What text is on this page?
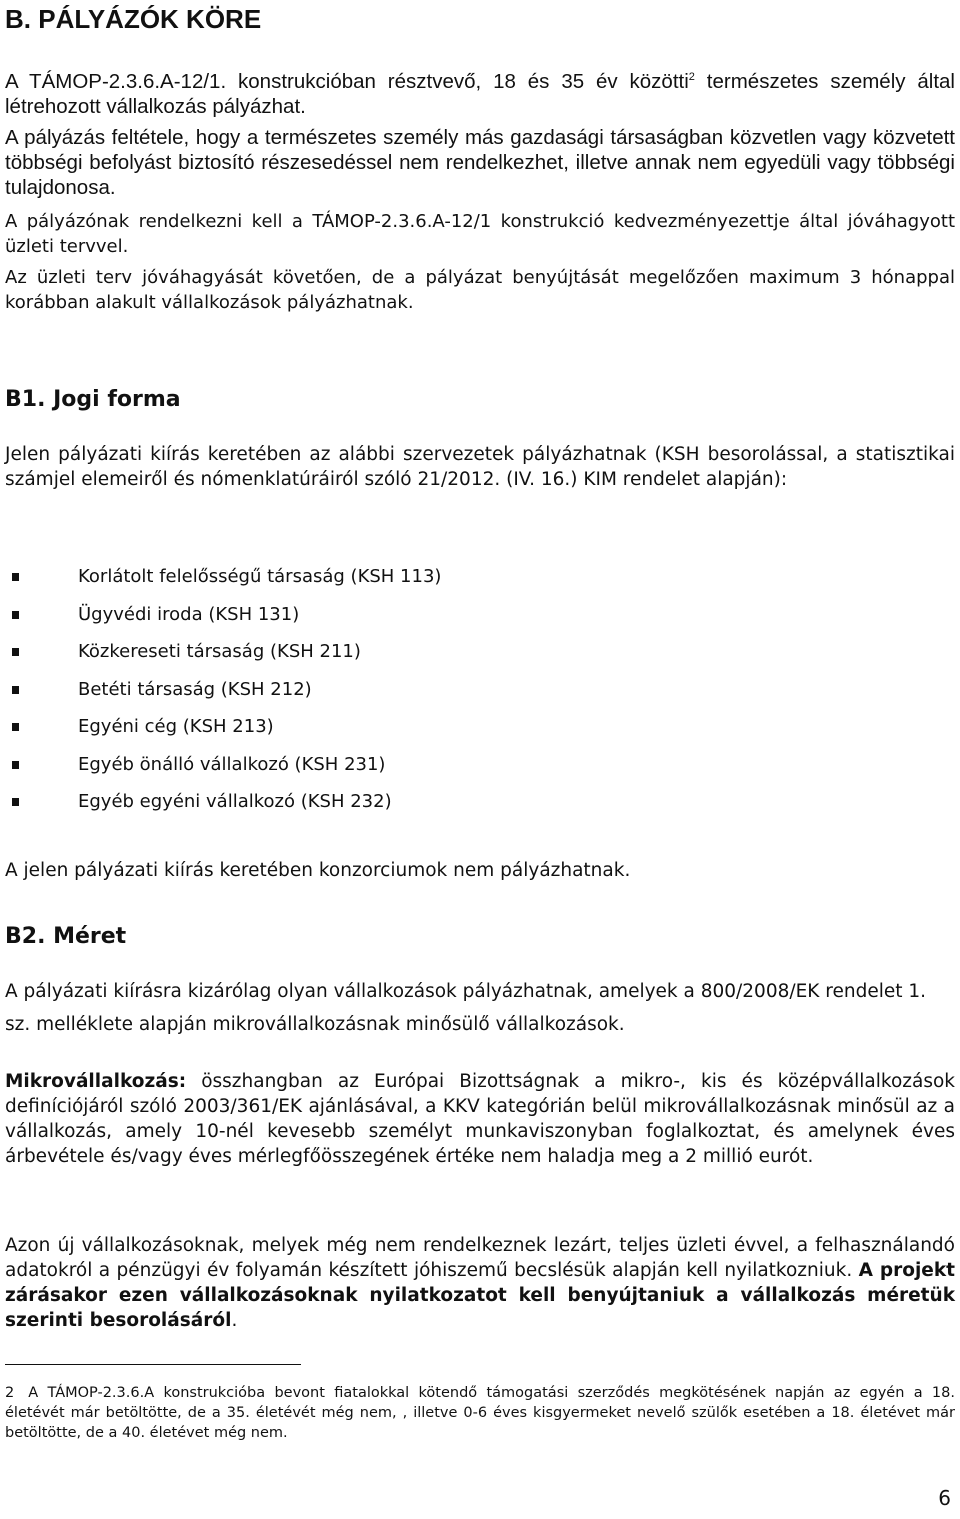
B. PÁLYÁZÓK KÖRE

A TÁMOP-2.3.6.A-12/1. konstrukcióban résztvevő, 18 és 35 év közötti$^2$ természetes személy által létrehozott vállalkozás pályázhat.

A pályázás feltétele, hogy a természetes személy más gazdasági társaságban közvetlen vagy közvetett többségi befolyást biztosító részesedéssel nem rendelkezhet, illetve annak nem egyedüli vagy többségi tulajdonosa.

A pályázónak rendelkezni kell a TÁMOP-2.3.6.A-12/1 konstrukció kedvezményezettje által jóváhagyott üzleti tervvel.

Az üzleti terv jóváhagyását követően, de a pályázat benyújtását megelőzően maximum 3 hónappal korábban alakult vállalkozások pályázhatnak.

B1. Jogi forma

Jelen pályázati kiírás keretében az alábbi szervezetek pályázhatnak (KSH besorolással, a statisztikai számjel elemeiről és nómenklatúráiról szóló 21/2012. (IV. 16.) KIM rendelet alapján):

Korlátolt felelősségű társaság (KSH 113)
Ügyvédi iroda (KSH 131)
Közkereseti társaság (KSH 211)
Betéti társaság (KSH 212)
Egyéni cég (KSH 213)
Egyéb önálló vállalkozó (KSH 231)
Egyéb egyéni vállalkozó (KSH 232)

A jelen pályázati kiírás keretében konzorciumok nem pályázhatnak.

B2. Méret

A pályázati kiírásra kizárólag olyan vállalkozások pályázhatnak, amelyek a 800/2008/EK rendelet 1. sz. melléklete alapján mikrovállalkozásnak minősülő vállalkozások.

Mikrovállalkozás: összhangban az Európai Bizottságnak a mikro-, kis és középvállalkozások definíciójáról szóló 2003/361/EK ajánlásával, a KKV kategórián belül mikrovállalkozásnak minősül az a vállalkozás, amely 10-nél kevesebb személyt munkaviszonyban foglalkoztat, és amelynek éves árbevétele és/vagy éves mérlegfőösszegének értéke nem haladja meg a 2 millió eurót.

Azon új vállalkozásoknak, melyek még nem rendelkeznek lezárt, teljes üzleti évvel, a felhasználandó adatokról a pénzügyi év folyamán készített jóhiszemű becslésük alapján kell nyilatkozniuk. A projekt zárásakor ezen vállalkozásoknak nyilatkozatot kell benyújtaniuk a vállalkozás méretük szerinti besorolásáról.

2 A TÁMOP-2.3.6.A konstrukcióba bevont fiatalokkal kötendő támogatási szerződés megkötésének napján az egyén a 18. életévét már betöltötte, de a 35. életévét még nem, , illetve 0-6 éves kisgyermeket nevelő szülők esetében a 18. életévet már betöltötte, de a 40. életévet még nem.

6
